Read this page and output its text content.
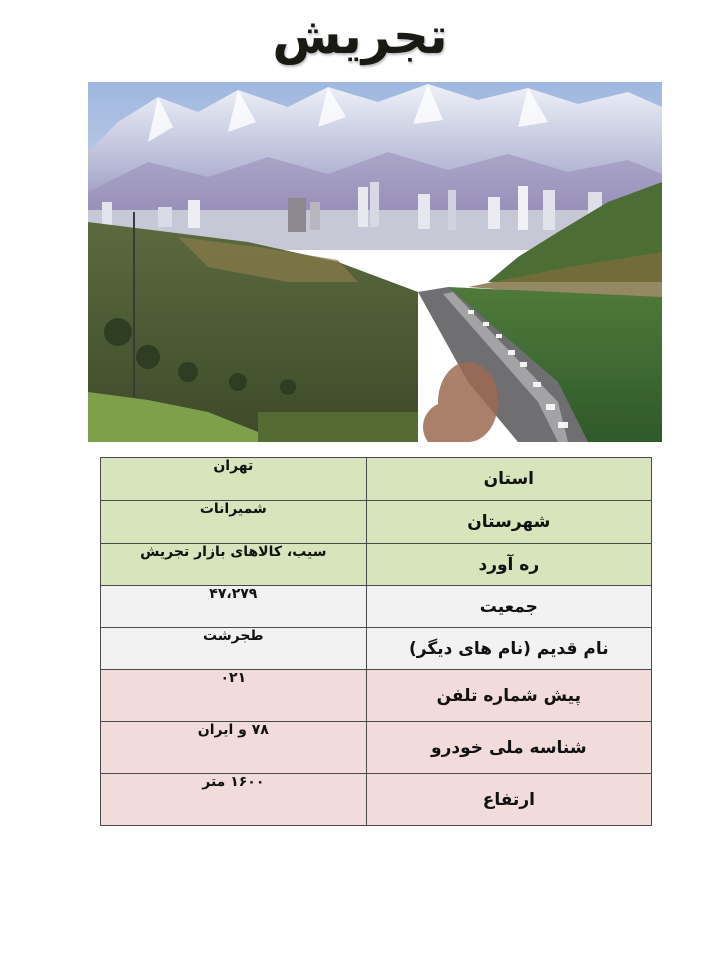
تجریش
استان	تهران
شهرستان	شمیرانات
ره آورد	سیب، کالاهای بازار تجریش
جمعیت	۴۷،۲۷۹
نام قدیم (نام های دیگر)	طجرشت
پیش شماره تلفن	۰۲۱
شناسه ملی خودرو	۷۸ و ایران
ارتفاع	۱۶۰۰ متر
